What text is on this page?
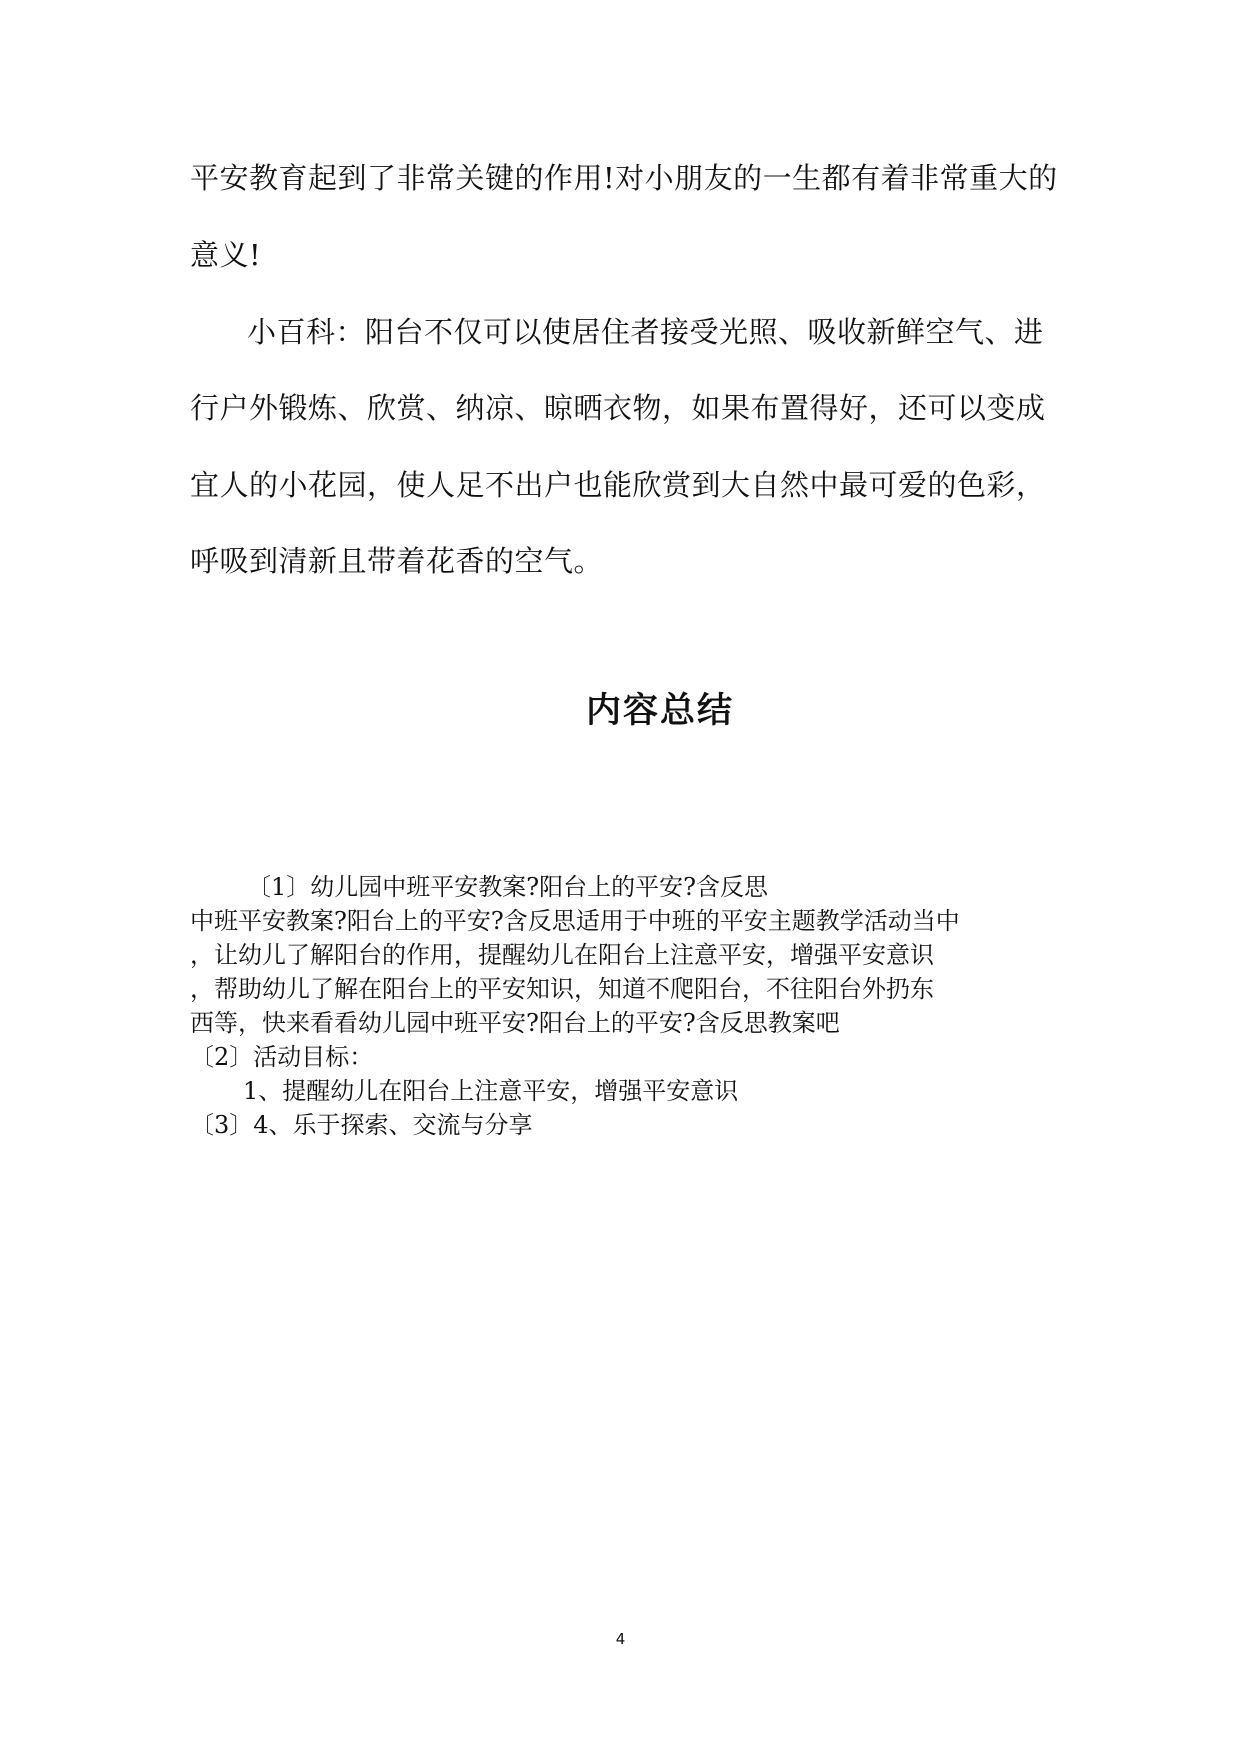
平安教育起到了非常关键的作用!对小朋友的一生都有着非常重大的
意义!
小百科：阳台不仅可以使居住者接受光照、吸收新鲜空气、进
行户外锻炼、欣赏、纳凉、晾晒衣物，如果布置得好，还可以变成
宜人的小花园，使人足不出户也能欣赏到大自然中最可爱的色彩，
呼吸到清新且带着花香的空气。
内容总结
〔1〕幼儿园中班平安教案?阳台上的平安?含反思
中班平安教案?阳台上的平安?含反思适用于中班的平安主题教学活动当中
，让幼儿了解阳台的作用，提醒幼儿在阳台上注意平安，增强平安意识
，帮助幼儿了解在阳台上的平安知识，知道不爬阳台，不往阳台外扔东
西等，快来看看幼儿园中班平安?阳台上的平安?含反思教案吧
〔2〕活动目标：
1、提醒幼儿在阳台上注意平安，增强平安意识
〔3〕4、乐于探索、交流与分享
4
